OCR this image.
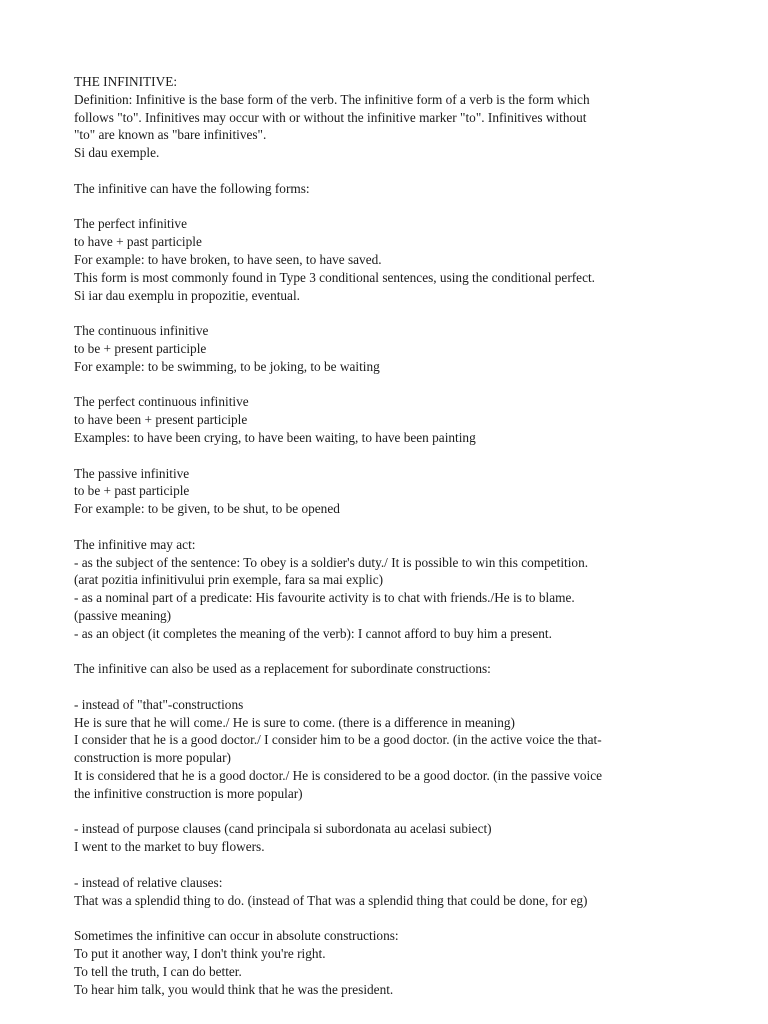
THE INFINITIVE:
Definition: Infinitive is the base form of the verb. The infinitive form of a verb is the form which
follows "to". Infinitives may occur with or without the infinitive marker "to". Infinitives without
"to" are known as "bare infinitives".
Si dau exemple.
The infinitive can have the following forms:
The perfect infinitive
to have + past participle
For example: to have broken, to have seen, to have saved.
This form is most commonly found in Type 3 conditional sentences, using the conditional perfect.
Si iar dau exemplu in propozitie, eventual.
The continuous infinitive
to be + present participle
For example: to be swimming, to be joking, to be waiting
The perfect continuous infinitive
to have been + present participle
Examples: to have been crying, to have been waiting, to have been painting
The passive infinitive
to be + past participle
For example: to be given, to be shut, to be opened
The infinitive may act:
- as the subject of the sentence: To obey is a soldier's duty./ It is possible to win this competition.
(arat pozitia infinitivului prin exemple, fara sa mai explic)
- as a nominal part of a predicate: His favourite activity is to chat with friends./He is to blame.
(passive meaning)
- as an object (it completes the meaning of the verb): I cannot afford to buy him a present.
The infinitive can also be used as a replacement for subordinate constructions:
- instead of "that"-constructions
He is sure that he will come./ He is sure to come. (there is a difference in meaning)
I consider that he is a good doctor./ I consider him to be a good doctor. (in the active voice the that-
construction is more popular)
It is considered that he is a good doctor./ He is considered to be a good doctor. (in the passive voice
the infinitive construction is more popular)
- instead of purpose clauses (cand principala si subordonata au acelasi subiect)
I went to the market to buy flowers.
- instead of relative clauses:
That was a splendid thing to do. (instead of That was a splendid thing that could be done, for eg)
Sometimes the infinitive can occur in absolute constructions:
To put it another way, I don't think you're right.
To tell the truth, I can do better.
To hear him talk, you would think that he was the president.
